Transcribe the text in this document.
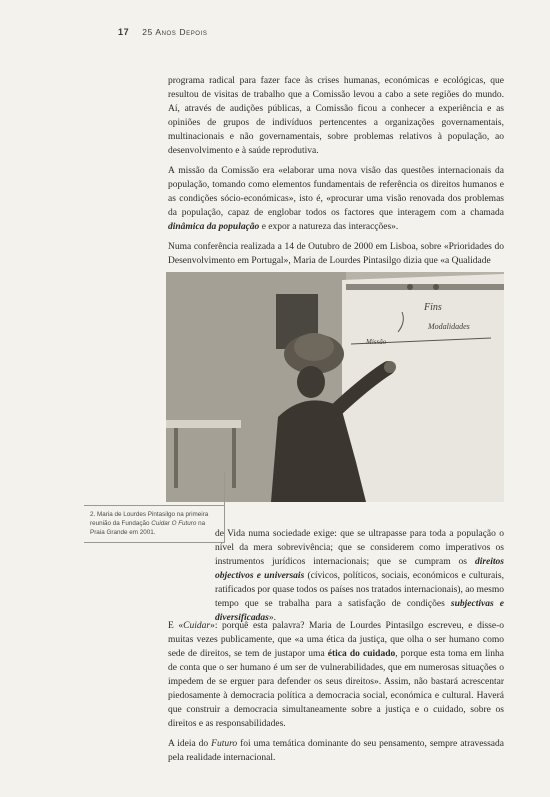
17 25 Anos Depois

programa radical para fazer face às crises humanas, económicas e ecológicas, que resultou de visitas de trabalho que a Comissão levou a cabo a sete regiões do mundo. Aí, através de audições públicas, a Comissão ficou a conhecer a experiência e as opiniões de grupos de indivíduos pertencentes a organizações governamentais, multinacionais e não governamentais, sobre problemas relativos à população, ao desenvolvimento e à saúde reprodutiva.

A missão da Comissão era «elaborar uma nova visão das questões internacionais da população, tomando como elementos fundamentais de referência os direitos humanos e as condições sócio-económicas», isto é, «procurar uma visão renovada dos problemas da população, capaz de englobar todos os factores que interagem com a chamada dinâmica da população e expor a natureza das interacções».

Numa conferência realizada a 14 de Outubro de 2000 em Lisboa, sobre «Prioridades do Desenvolvimento em Portugal», Maria de Lourdes Pintasilgo dizia que «a Qualidade

Fins
Modalidades
Missão
2. Maria de Lourdes Pintasilgo na primeira reunião da Fundação Cuidar O Futuro na Praia Grande em 2001.	de Vida numa sociedade exige: que se ultrapasse para toda a população o nível da mera sobrevivência; que se considerem como imperativos os instrumentos jurídicos internacionais; que se cumpram os direitos objectivos e universais (cívicos, políticos, sociais, económicos e culturais, ratificados por quase todos os países nos tratados internacionais), ao mesmo tempo que se trabalha para a satisfação de condições subjectivas e diversificadas».

E «Cuidar»: porquê esta palavra? Maria de Lourdes Pintasilgo escreveu, e disse-o muitas vezes publicamente, que «a uma ética da justiça, que olha o ser humano como sede de direitos, se tem de justapor uma ética do cuidado, porque esta toma em linha de conta que o ser humano é um ser de vulnerabilidades, que em numerosas situações o impedem de se erguer para defender os seus direitos». Assim, não bastará acrescentar piedosamente à democracia política a democracia social, económica e cultural. Haverá que construir a democracia simultaneamente sobre a justiça e o cuidado, sobre os direitos e as responsabilidades.

A ideia do Futuro foi uma temática dominante do seu pensamento, sempre atravessada pela realidade internacional.
